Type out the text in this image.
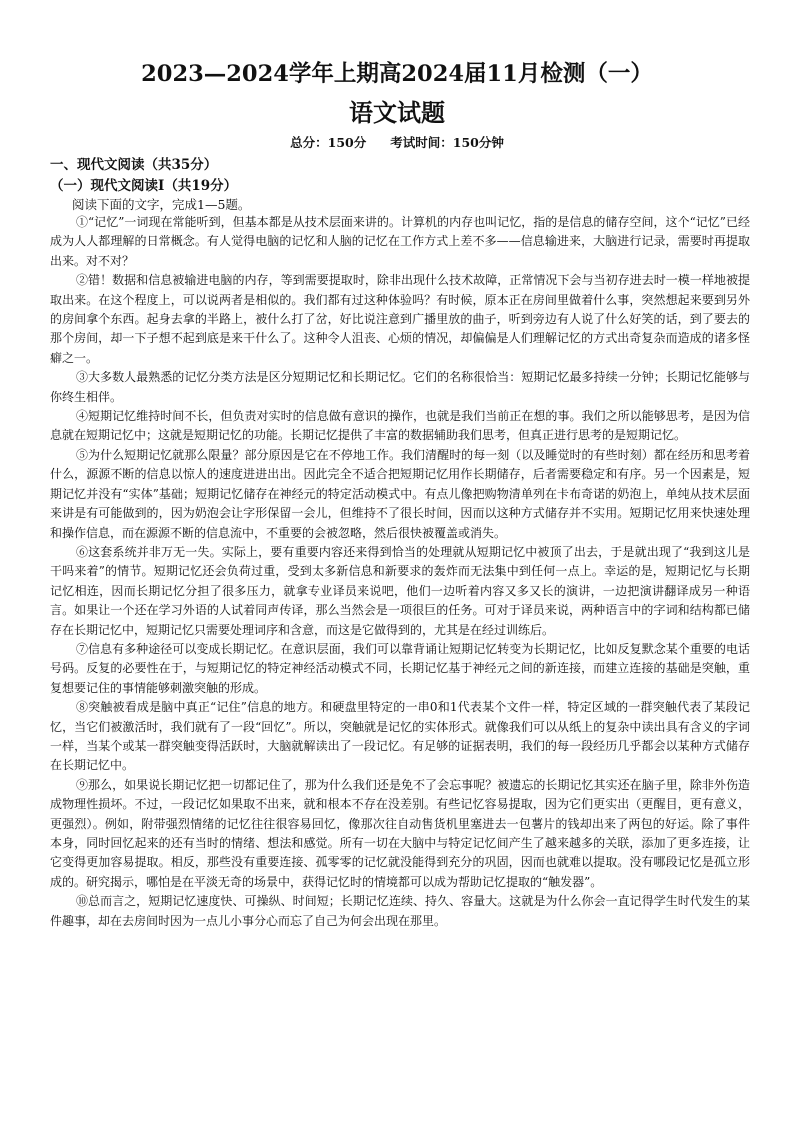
2023—2024学年上期高2024届11月检测（一）
语文试题
总分：150分 考试时间：150分钟
一、现代文阅读（共35分）
（一）现代文阅读Ⅰ（共19分）
阅读下面的文字，完成1—5题。

①“记忆”一词现在常能听到，但基本都是从技术层面来讲的。计算机的内存也叫记忆，指的是信息的储存空间，这个“记忆”已经成为人人都理解的日常概念。有人觉得电脑的记忆和人脑的记忆在工作方式上差不多——信息输进来，大脑进行记录，需要时再提取出来。对不对？

②错！数据和信息被输进电脑的内存，等到需要提取时，除非出现什么技术故障，正常情况下会与当初存进去时一模一样地被提取出来。在这个程度上，可以说两者是相似的。我们都有过这种体验吗？有时候，原本正在房间里做着什么事，突然想起来要到另外的房间拿个东西。起身去拿的半路上，被什么打了岔，好比说注意到广播里放的曲子，听到旁边有人说了什么好笑的话，到了要去的那个房间，却一下子想不起到底是来干什么了。这种令人沮丧、心烦的情况，却偏偏是人们理解记忆的方式出奇复杂而造成的诸多怪癖之一。

③大多数人最熟悉的记忆分类方法是区分短期记忆和长期记忆。它们的名称很恰当：短期记忆最多持续一分钟；长期记忆能够与你终生相伴。

④短期记忆维持时间不长，但负责对实时的信息做有意识的操作，也就是我们当前正在想的事。我们之所以能够思考，是因为信息就在短期记忆中；这就是短期记忆的功能。长期记忆提供了丰富的数据辅助我们思考，但真正进行思考的是短期记忆。

⑤为什么短期记忆就那么限量？部分原因是它在不停地工作。我们清醒时的每一刻（以及睡觉时的有些时刻）都在经历和思考着什么，源源不断的信息以惊人的速度进进出出。因此完全不适合把短期记忆用作长期储存，后者需要稳定和有序。另一个因素是，短期记忆并没有“实体”基础；短期记忆储存在神经元的特定活动模式中。有点儿像把购物清单列在卡布奇诺的奶泡上，单纯从技术层面来讲是有可能做到的，因为奶泡会让字形保留一会儿，但维持不了很长时间，因而以这种方式储存并不实用。短期记忆用来快速处理和操作信息，而在源源不断的信息流中，不重要的会被忽略，然后很快被覆盖或消失。

⑥这套系统并非万无一失。实际上，要有重要内容还来得到恰当的处理就从短期记忆中被顶了出去，于是就出现了“我到这儿是干吗来着”的情节。短期记忆还会负荷过重，受到太多新信息和新要求的轰炸而无法集中到任何一点上。幸运的是，短期记忆与长期记忆相连，因而长期记忆分担了很多压力，就拿专业译员来说吧，他们一边听着内容又多又长的演讲，一边把演讲翻译成另一种语言。如果让一个还在学习外语的人试着同声传译，那么当然会是一项很巨的任务。可对于译员来说，两种语言中的字词和结构都已储存在长期记忆中，短期记忆只需要处理词序和含意，而这是它做得到的，尤其是在经过训练后。

⑦信息有多种途径可以变成长期记忆。在意识层面，我们可以靠背诵让短期记忆转变为长期记忆，比如反复默念某个重要的电话号码。反复的必要性在于，与短期记忆的特定神经活动模式不同，长期记忆基于神经元之间的新连接，而建立连接的基础是突触，重复想要记住的事情能够刺激突触的形成。

⑧突触被看成是脑中真正“记住”信息的地方。和硬盘里特定的一串0和1代表某个文件一样，特定区域的一群突触代表了某段记忆，当它们被激活时，我们就有了一段“回忆”。所以，突触就是记忆的实体形式。就像我们可以从纸上的复杂中读出具有含义的字词一样，当某个或某一群突触变得活跃时，大脑就解读出了一段记忆。有足够的证据表明，我们的每一段经历几乎都会以某种方式储存在长期记忆中。

⑨那么，如果说长期记忆把一切都记住了，那为什么我们还是免不了会忘事呢？被遗忘的长期记忆其实还在脑子里，除非外伤造成物理性损坏。不过，一段记忆如果取不出来，就和根本不存在没差别。有些记忆容易提取，因为它们更实出（更醒目，更有意义，更强烈）。例如，附带强烈情绪的记忆往往很容易回忆，像那次往自动售货机里塞进去一包薯片的钱却出来了两包的好运。除了事件本身，同时回忆起来的还有当时的情绪、想法和感觉。所有一切在大脑中与特定记忆间产生了越来越多的关联，添加了更多连接，让它变得更加容易提取。相反，那些没有重要连接、孤零零的记忆就没能得到充分的巩固，因而也就难以提取。没有哪段记忆是孤立形成的。研究揭示，哪怕是在平淡无奇的场景中，获得记忆时的情境都可以成为帮助记忆提取的“触发器”。

⑩总而言之，短期记忆速度快、可操纵、时间短；长期记忆连续、持久、容量大。这就是为什么你会一直记得学生时代发生的某件趣事，却在去房间时因为一点儿小事分心而忘了自己为何会出现在那里。
